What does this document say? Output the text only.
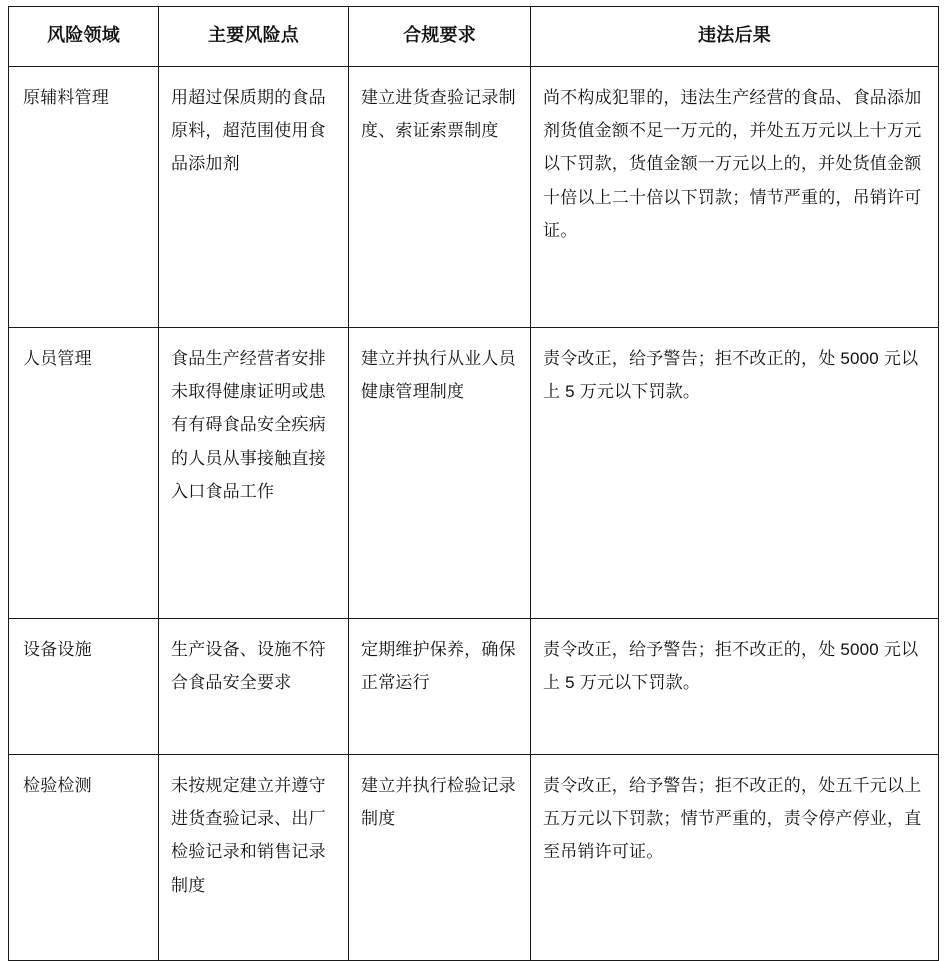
风险领域	主要风险点	合规要求	违法后果

原辅料管理	用超过保质期的食品原料，超范围使用食品添加剂	建立进货查验记录制度、索证索票制度	尚不构成犯罪的，违法生产经营的食品、食品添加剂货值金额不足一万元的，并处五万元以上十万元以下罚款，货值金额一万元以上的，并处货值金额十倍以上二十倍以下罚款；情节严重的，吊销许可证。

人员管理	食品生产经营者安排未取得健康证明或患有有碍食品安全疾病的人员从事接触直接入口食品工作	建立并执行从业人员健康管理制度	责令改正，给予警告；拒不改正的，处 5000 元以上 5 万元以下罚款。

设备设施	生产设备、设施不符合食品安全要求	定期维护保养，确保正常运行	责令改正，给予警告；拒不改正的，处 5000 元以上 5 万元以下罚款。

检验检测	未按规定建立并遵守进货查验记录、出厂检验记录和销售记录制度	建立并执行检验记录制度	责令改正，给予警告；拒不改正的，处五千元以上五万元以下罚款；情节严重的，责令停产停业，直至吊销许可证。
